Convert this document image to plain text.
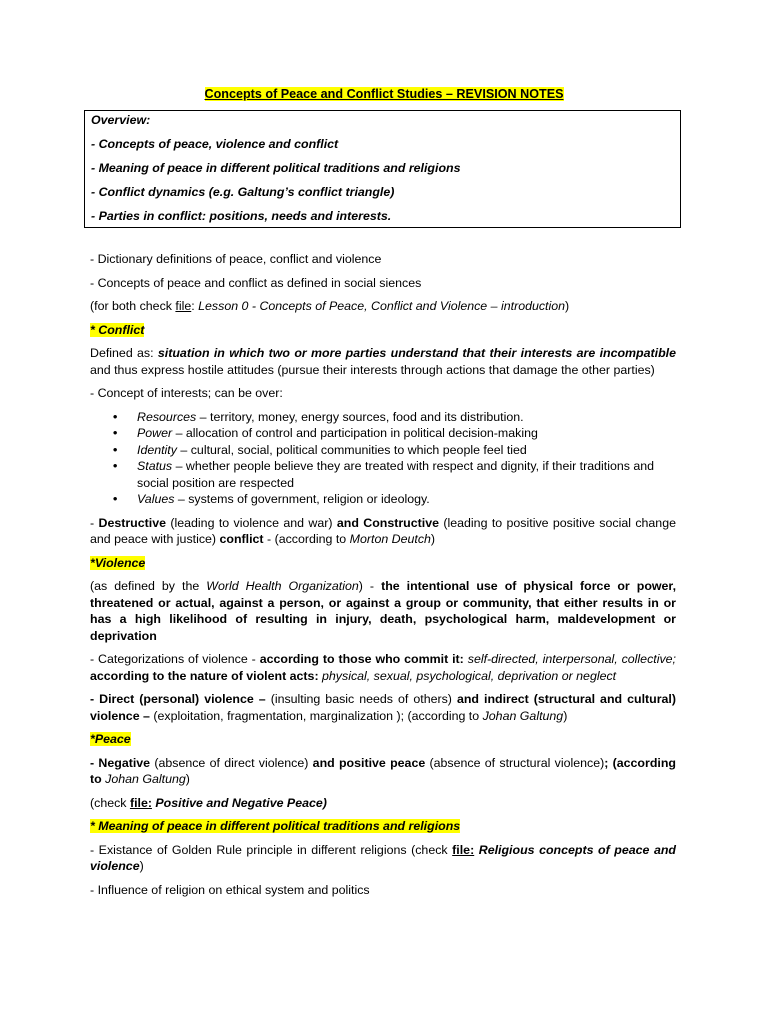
Concepts of Peace and Conflict Studies – REVISION NOTES
Overview:
- Concepts of peace, violence and conflict
- Meaning of peace in different political traditions and religions
- Conflict dynamics (e.g. Galtung’s conflict triangle)
- Parties in conflict: positions, needs and interests.

- Dictionary definitions of peace, conflict and violence

- Concepts of peace and conflict as defined in social siences

(for both check file: Lesson 0 - Concepts of Peace, Conflict and Violence – introduction)

* Conflict

Defined as: situation in which two or more parties understand that their interests are incompatible and thus express hostile attitudes (pursue their interests through actions that damage the other parties)

- Concept of interests; can be over:

• Resources – territory, money, energy sources, food and its distribution.
• Power – allocation of control and participation in political decision-making
• Identity – cultural, social, political communities to which people feel tied
• Status – whether people believe they are treated with respect and dignity, if their traditions and social position are respected
• Values – systems of government, religion or ideology.

- Destructive (leading to violence and war) and Constructive (leading to positive positive social change and peace with justice) conflict - (according to Morton Deutch)

*Violence

(as defined by the World Health Organization) - the intentional use of physical force or power, threatened or actual, against a person, or against a group or community, that either results in or has a high likelihood of resulting in injury, death, psychological harm, maldevelopment or deprivation

- Categorizations of violence - according to those who commit it: self-directed, interpersonal, collective; according to the nature of violent acts: physical, sexual, psychological, deprivation or neglect

- Direct (personal) violence – (insulting basic needs of others) and indirect (structural and cultural) violence – (exploitation, fragmentation, marginalization ); (according to Johan Galtung)

*Peace

- Negative (absence of direct violence) and positive peace (absence of structural violence); (according to Johan Galtung)

(check file: Positive and Negative Peace)

* Meaning of peace in different political traditions and religions

- Existance of Golden Rule principle in different religions (check file: Religious concepts of peace and violence)

- Influence of religion on ethical system and politics
